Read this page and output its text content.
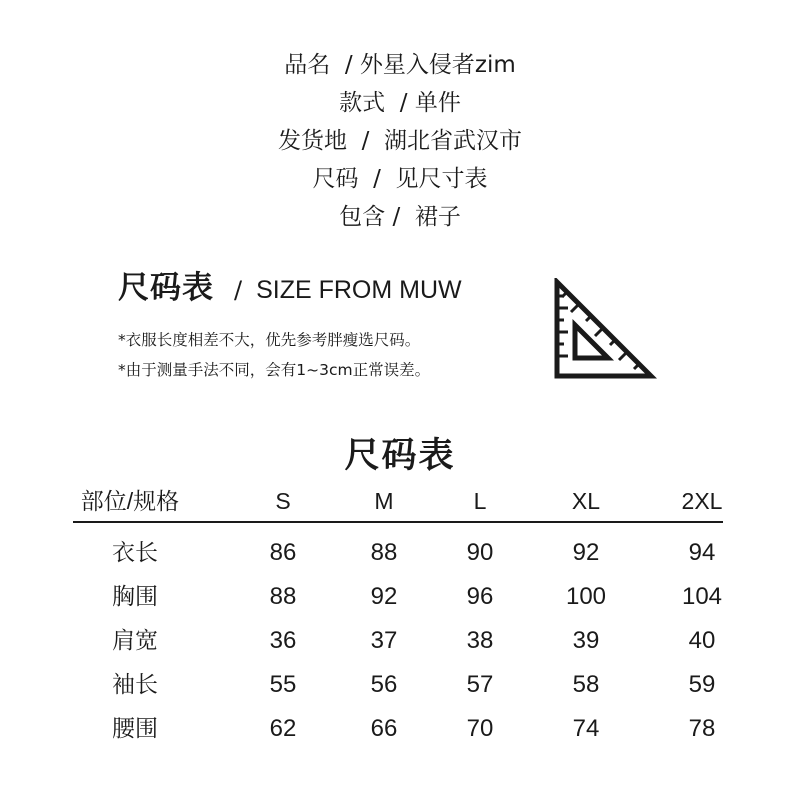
品名  / 外星入侵者zim
款式  / 单件
发货地  /  湖北省武汉市
尺码  /  见尺寸表
包含 /  裙子
尺码表 / SIZE FROM MUW
*衣服长度相差不大，优先参考胖瘦选尺码。
*由于测量手法不同，会有1~3cm正常误差。
尺码表
部位/规格	S	M	L	XL	2XL
衣长	86	88	90	92	94
胸围	88	92	96	100	104
肩宽	36	37	38	39	40
袖长	55	56	57	58	59
腰围	62	66	70	74	78
